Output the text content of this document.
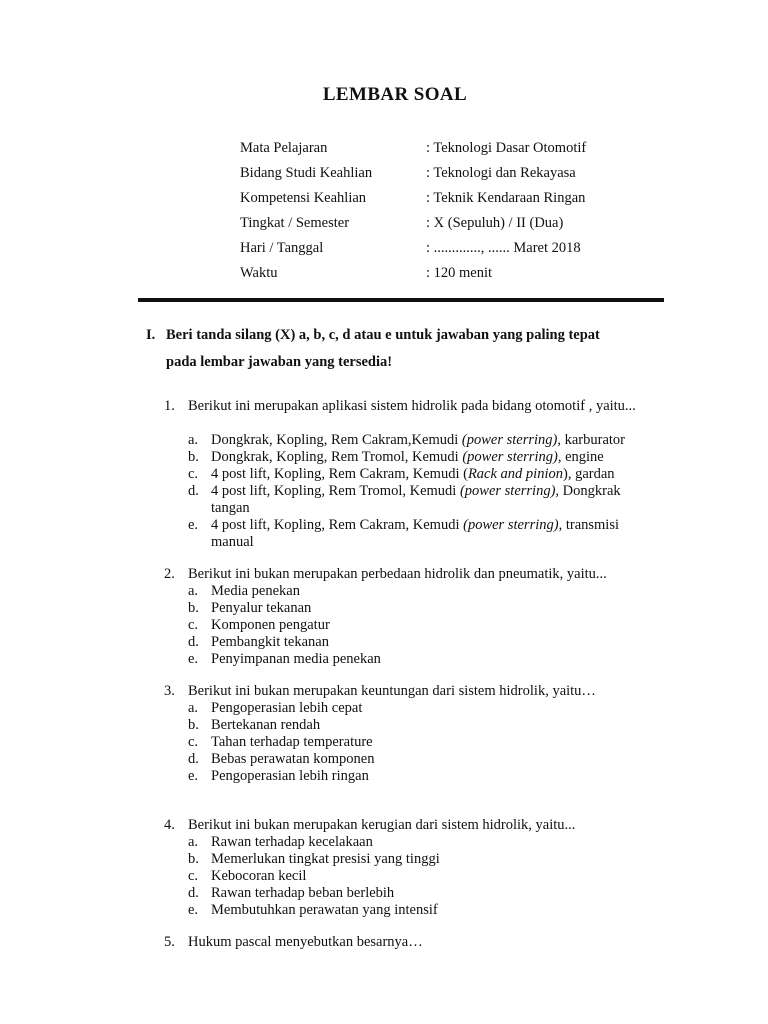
LEMBAR SOAL
Mata Pelajaran	: Teknologi Dasar Otomotif
Bidang Studi Keahlian	: Teknologi dan Rekayasa
Kompetensi Keahlian	: Teknik Kendaraan Ringan
Tingkat / Semester	: X (Sepuluh) / II (Dua)
Hari / Tanggal	: ............., ...... Maret 2018
Waktu	: 120 menit
I. Beri tanda silang (X) a, b, c, d atau e untuk jawaban yang paling tepat
pada lembar jawaban yang tersedia!
1. Berikut ini merupakan aplikasi sistem hidrolik pada bidang otomotif , yaitu...
a. Dongkrak, Kopling, Rem Cakram,Kemudi (power sterring), karburator
b. Dongkrak, Kopling, Rem Tromol, Kemudi (power sterring), engine
c. 4 post lift, Kopling, Rem Cakram, Kemudi (Rack and pinion), gardan
d. 4 post lift, Kopling, Rem Tromol, Kemudi (power sterring), Dongkrak tangan
e. 4 post lift, Kopling, Rem Cakram, Kemudi (power sterring), transmisi manual
2. Berikut ini bukan merupakan perbedaan hidrolik dan pneumatik, yaitu...
a. Media penekan
b. Penyalur tekanan
c. Komponen pengatur
d. Pembangkit tekanan
e. Penyimpanan media penekan
3. Berikut ini bukan merupakan keuntungan dari sistem hidrolik, yaitu…
a. Pengoperasian lebih cepat
b. Bertekanan rendah
c. Tahan terhadap temperature
d. Bebas perawatan komponen
e. Pengoperasian lebih ringan
4. Berikut ini bukan merupakan kerugian dari sistem hidrolik, yaitu...
a. Rawan terhadap kecelakaan
b. Memerlukan tingkat presisi yang tinggi
c. Kebocoran kecil
d. Rawan terhadap beban berlebih
e. Membutuhkan perawatan yang intensif
5. Hukum pascal menyebutkan besarnya…
